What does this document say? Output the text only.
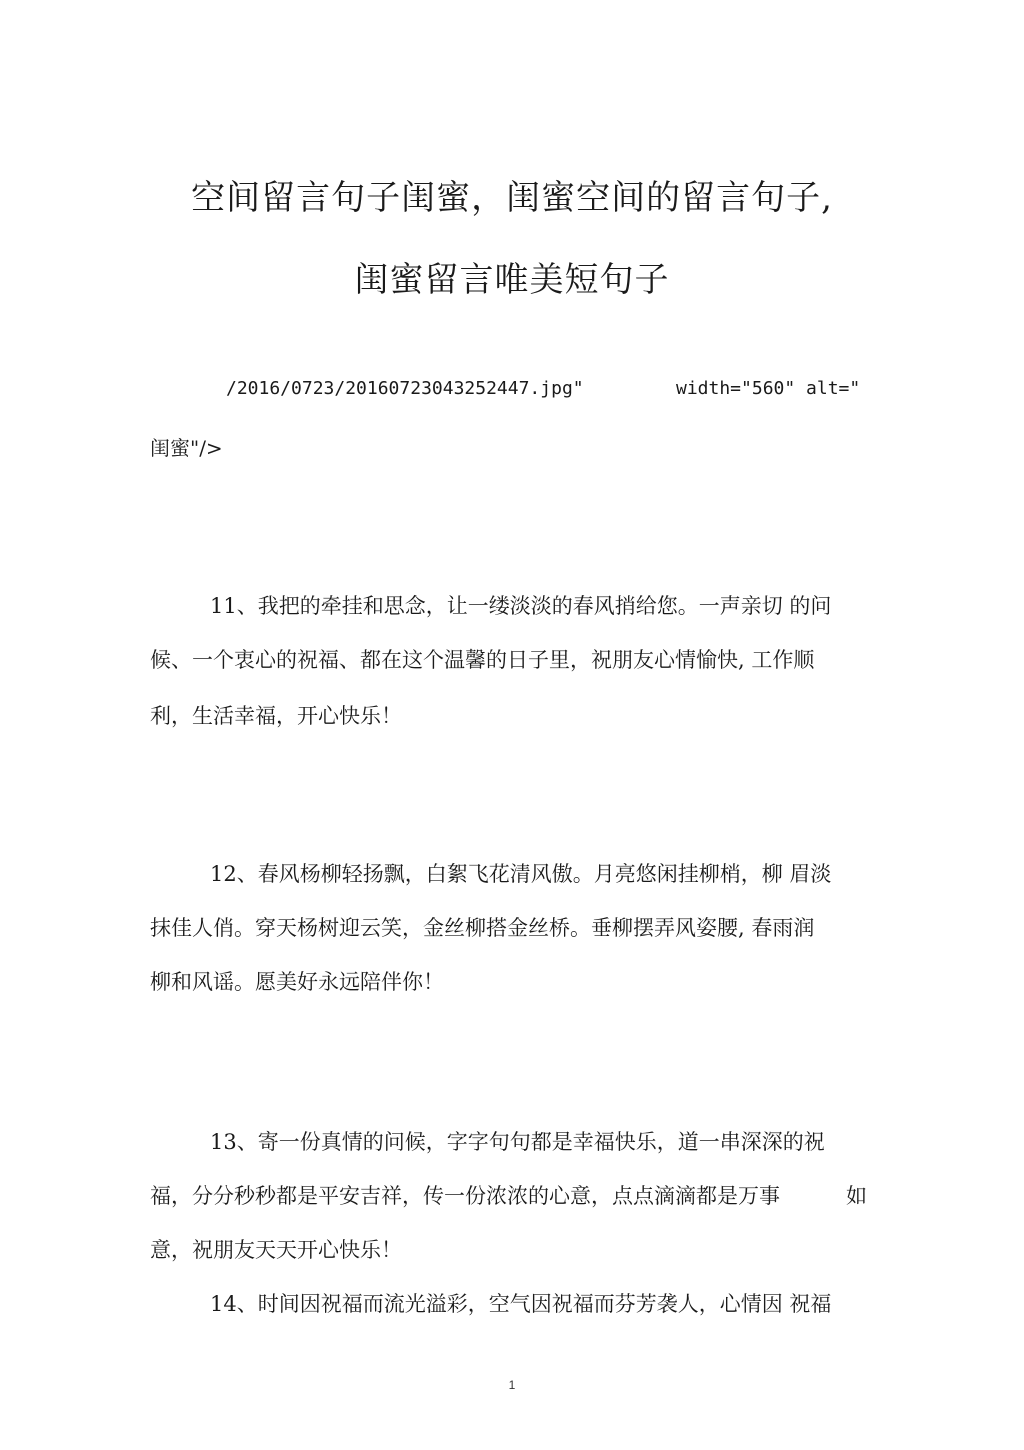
空间留言句子闺蜜，闺蜜空间的留言句子,
闺蜜留言唯美短句子
/2016/0723/20160723043252447.jpg"	width="560" alt="
闺蜜"/>
11、我把的牵挂和思念，让一缕淡淡的春风捎给您。一声亲切 的问
候、一个衷心的祝福、都在这个温馨的日子里，祝朋友心情愉快, 工作顺
利，生活幸福，开心快乐！
12、春风杨柳轻扬飘，白絮飞花清风傲。月亮悠闲挂柳梢，柳 眉淡
抹佳人俏。穿天杨树迎云笑，金丝柳搭金丝桥。垂柳摆弄风姿腰, 春雨润
柳和风谣。愿美好永远陪伴你！
13、寄一份真情的问候，字字句句都是幸福快乐，道一串深深的祝
福，分分秒秒都是平安吉祥，传一份浓浓的心意，点点滴滴都是万事	如
意，祝朋友天天开心快乐！
14、时间因祝福而流光溢彩，空气因祝福而芬芳袭人，心情因 祝福
1
